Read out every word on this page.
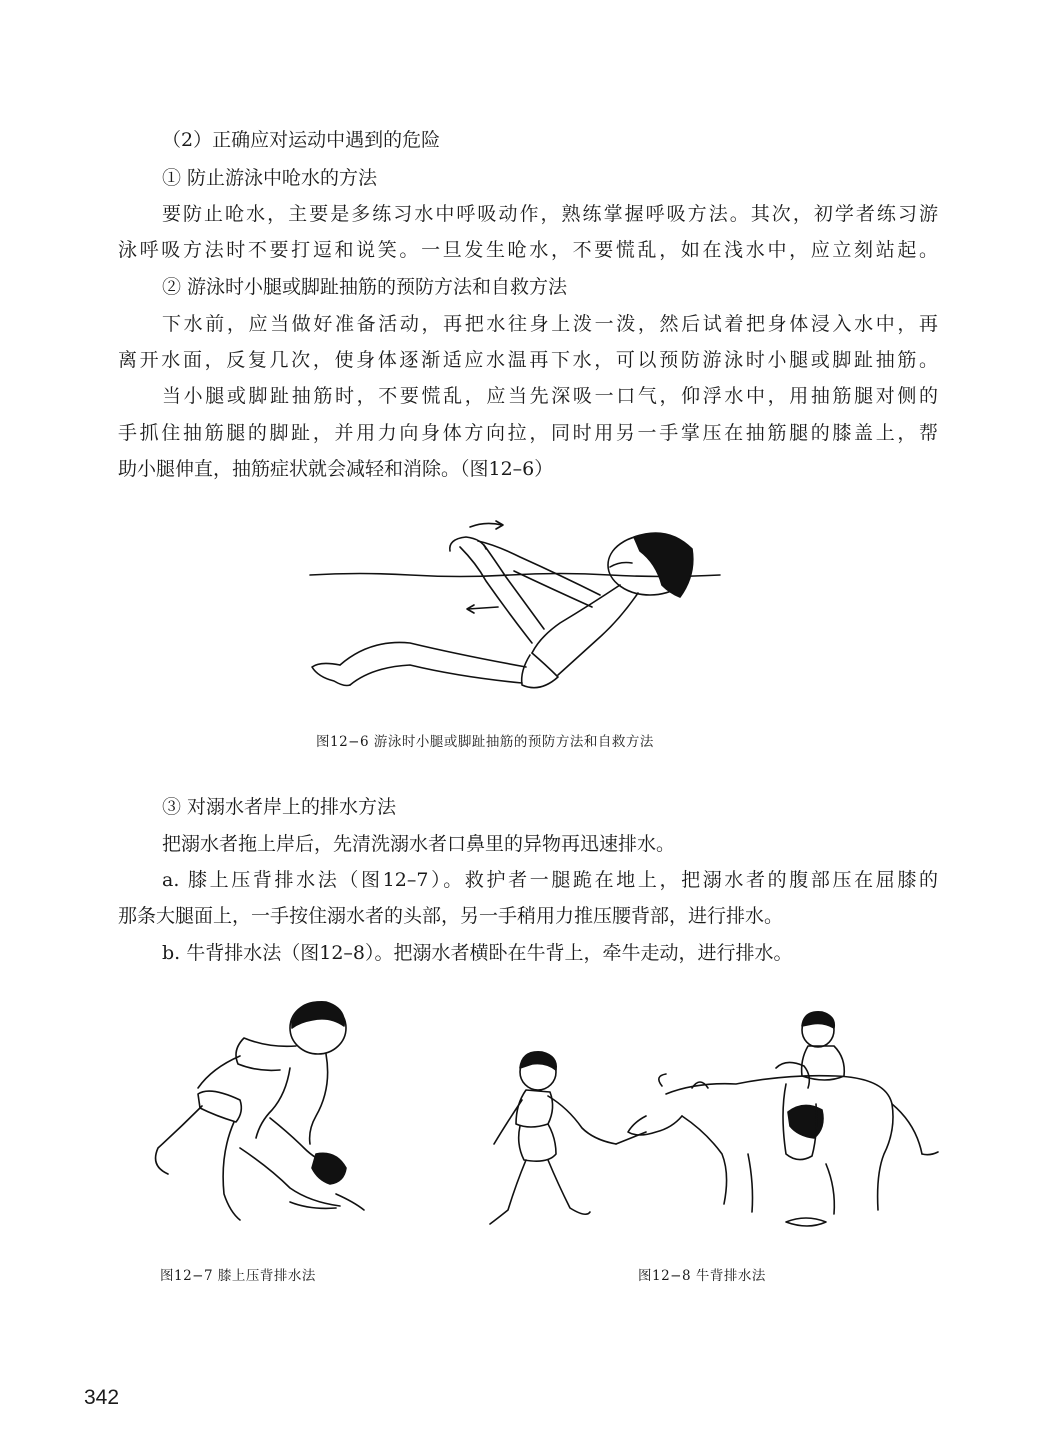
（2）正确应对运动中遇到的危险
① 防止游泳中呛水的方法
要防止呛水，主要是多练习水中呼吸动作，熟练掌握呼吸方法。其次，初学者练习游
泳呼吸方法时不要打逗和说笑。一旦发生呛水，不要慌乱，如在浅水中，应立刻站起。
② 游泳时小腿或脚趾抽筋的预防方法和自救方法
下水前，应当做好准备活动，再把水往身上泼一泼，然后试着把身体浸入水中，再
离开水面，反复几次，使身体逐渐适应水温再下水，可以预防游泳时小腿或脚趾抽筋。
当小腿或脚趾抽筋时，不要慌乱，应当先深吸一口气，仰浮水中，用抽筋腿对侧的
手抓住抽筋腿的脚趾，并用力向身体方向拉，同时用另一手掌压在抽筋腿的膝盖上，帮
助小腿伸直，抽筋症状就会减轻和消除。（图12–6）
图12−6 游泳时小腿或脚趾抽筋的预防方法和自救方法
③ 对溺水者岸上的排水方法
把溺水者拖上岸后，先清洗溺水者口鼻里的异物再迅速排水。
a. 膝上压背排水法（图12–7）。救护者一腿跪在地上，把溺水者的腹部压在屈膝的
那条大腿面上，一手按住溺水者的头部，另一手稍用力推压腰背部，进行排水。
b. 牛背排水法（图12–8）。把溺水者横卧在牛背上，牵牛走动，进行排水。
图12−7 膝上压背排水法	图12−8 牛背排水法
342
